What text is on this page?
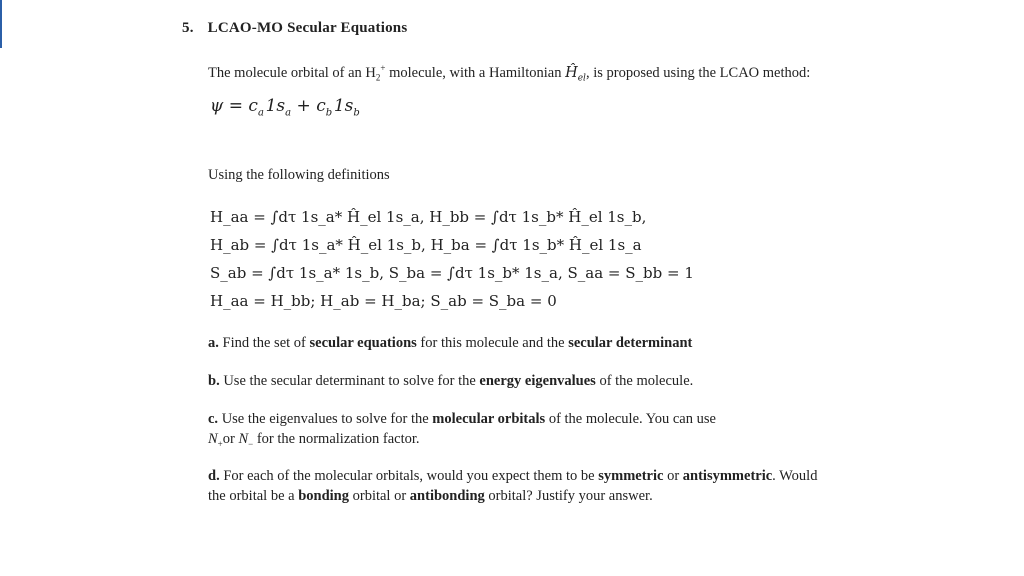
5. LCAO-MO Secular Equations
The molecule orbital of an $H_2^+$ molecule, with a Hamiltonian $Ĥ_{el}$, is proposed using the LCAO method:
$\psi = c_a$  $1s_a + c_b$  $1s_b$
Using the following definitions
H_aa = ∫dτ 1s_a* Ĥ_el 1s_a, H_bb = ∫dτ 1s_b* Ĥ_el 1s_b,
H_ab = ∫dτ 1s_a* Ĥ_el 1s_b, H_ba = ∫dτ 1s_b* Ĥ_el 1s_a
S_ab = ∫dτ 1s_a* 1s_b, S_ba = ∫dτ 1s_b* 1s_a, S_aa = S_bb = 1
H_aa = H_bb; H_ab = H_ba; S_ab = S_ba = 0
a. Find the set of secular equations for this molecule and the secular determinant
b. Use the secular determinant to solve for the energy eigenvalues of the molecule.
c. Use the eigenvalues to solve for the molecular orbitals of the molecule. You can use
$N_+or$ $N_-$ for the normalization factor.
d. For each of the molecular orbitals, would you expect them to be symmetric or antisymmetric. Would the orbital be a bonding orbital or antibonding orbital? Justify your answer.
